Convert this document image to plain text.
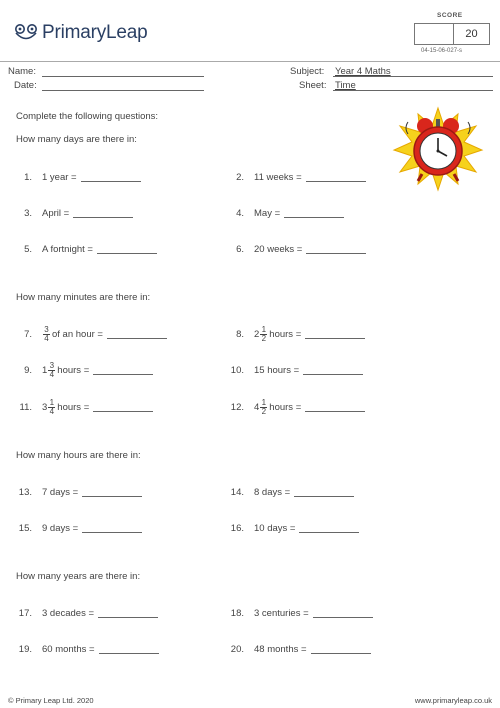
PrimaryLeap
SCORE
20
04-15-06-027-s
Name:
Date:
Subject: Year 4 Maths
Sheet: Time
Complete the following questions:
How many days are there in:
How many minutes are there in:
How many hours are there in:
How many years are there in:
1. 1 year =	2. 11 weeks =
3. April =	4. May =
5. A fortnight =	6. 20 weeks =
7. $\frac{3}{4}$ of an hour =	8. $2 \frac{1}{2}$ hours =
9. $1 \frac{3}{4}$ hours =	10. 15 hours =
11. $3 \frac{1}{4}$ hours =	12. $4 \frac{1}{2}$ hours =
13. 7 days =	14. 8 days =
15. 9 days =	16. 10 days =
17. 3 decades =	18. 3 centuries =
19. 60 months =	20. 48 months =
© Primary Leap Ltd. 2020	www.primaryleap.co.uk
